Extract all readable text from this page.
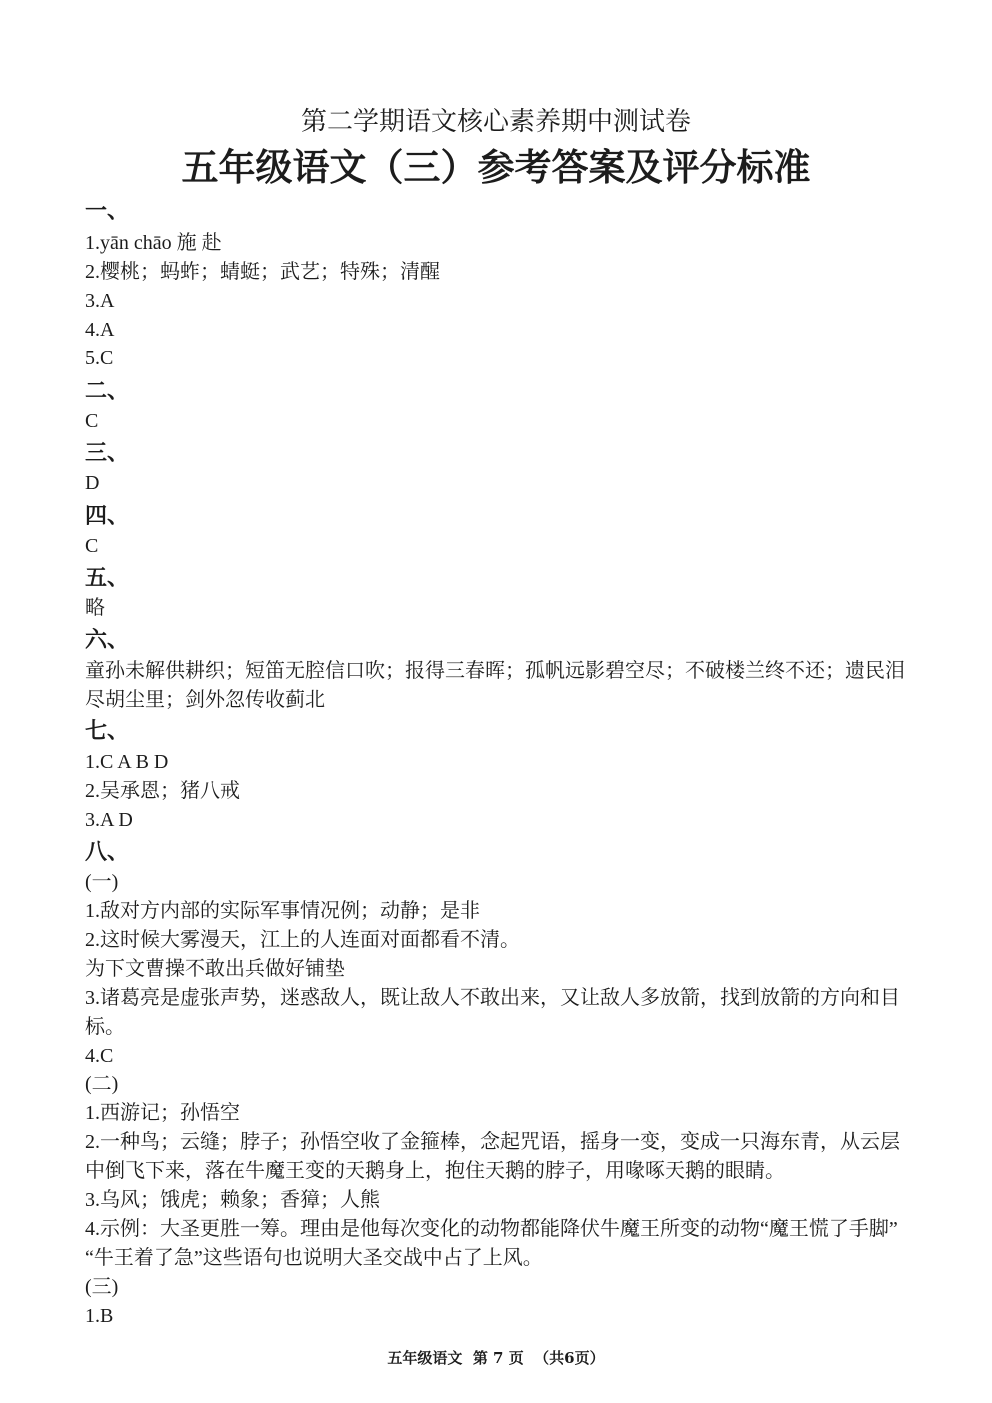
第二学期语文核心素养期中测试卷
五年级语文（三）参考答案及评分标准
一、
1.yān chāo 施 赴
2.樱桃；蚂蚱；蜻蜓；武艺；特殊；清醒
3.A
4.A
5.C
二、
C
三、
D
四、
C
五、
略
六、
童孙未解供耕织；短笛无腔信口吹；报得三春晖；孤帆远影碧空尽；不破楼兰终不还；遗民泪
尽胡尘里；剑外忽传收蓟北
七、
1.C A B D
2.吴承恩；猪八戒
3.A D
八、
(一)
1.敌对方内部的实际军事情况例；动静；是非
2.这时候大雾漫天，江上的人连面对面都看不清。
为下文曹操不敢出兵做好铺垫
3.诸葛亮是虚张声势，迷惑敌人，既让敌人不敢出来，又让敌人多放箭，找到放箭的方向和目
标。
4.C
(二)
1.西游记；孙悟空
2.一种鸟；云缝；脖子；孙悟空收了金箍棒，念起咒语，摇身一变，变成一只海东青，从云层
中倒飞下来，落在牛魔王变的天鹅身上，抱住天鹅的脖子，用喙啄天鹅的眼睛。
3.乌风；饿虎；赖象；香獐；人熊
4.示例：大圣更胜一筹。理由是他每次变化的动物都能降伏牛魔王所变的动物“魔王慌了手脚”
“牛王着了急”这些语句也说明大圣交战中占了上风。
(三)
1.B
五年级语文  第 7 页  （共6页）
